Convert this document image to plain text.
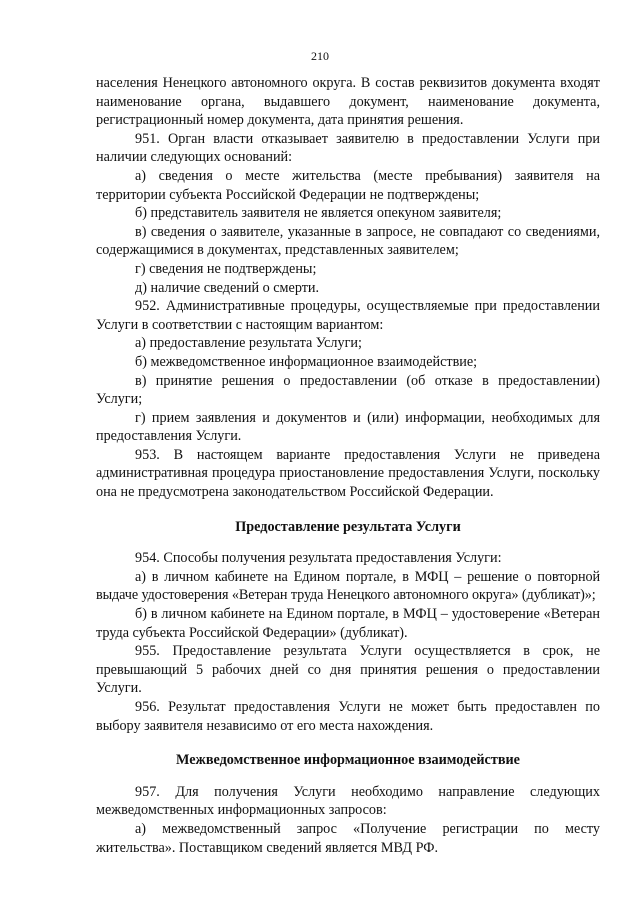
210

населения Ненецкого автономного округа. В состав реквизитов документа входят наименование органа, выдавшего документ, наименование документа, регистрационный номер документа, дата принятия решения.

951. Орган власти отказывает заявителю в предоставлении Услуги при наличии следующих оснований:

а) сведения о месте жительства (месте пребывания) заявителя на территории субъекта Российской Федерации не подтверждены;

б) представитель заявителя не является опекуном заявителя;

в) сведения о заявителе, указанные в запросе, не совпадают со сведениями, содержащимися в документах, представленных заявителем;

г) сведения не подтверждены;

д) наличие сведений о смерти.

952. Административные процедуры, осуществляемые при предоставлении Услуги в соответствии с настоящим вариантом:

а) предоставление результата Услуги;

б) межведомственное информационное взаимодействие;

в) принятие решения о предоставлении (об отказе в предоставлении) Услуги;

г) прием заявления и документов и (или) информации, необходимых для предоставления Услуги.

953. В настоящем варианте предоставления Услуги не приведена административная процедура приостановление предоставления Услуги, поскольку она не предусмотрена законодательством Российской Федерации.

Предоставление результата Услуги

954. Способы получения результата предоставления Услуги:

а) в личном кабинете на Едином портале, в МФЦ – решение о повторной выдаче удостоверения «Ветеран труда Ненецкого автономного округа» (дубликат)»;

б) в личном кабинете на Едином портале, в МФЦ – удостоверение «Ветеран труда субъекта Российской Федерации» (дубликат).

955. Предоставление результата Услуги осуществляется в срок, не превышающий 5 рабочих дней со дня принятия решения о предоставлении Услуги.

956. Результат предоставления Услуги не может быть предоставлен по выбору заявителя независимо от его места нахождения.

Межведомственное информационное взаимодействие

957. Для получения Услуги необходимо направление следующих межведомственных информационных запросов:

а) межведомственный запрос «Получение регистрации по месту жительства». Поставщиком сведений является МВД РФ.
